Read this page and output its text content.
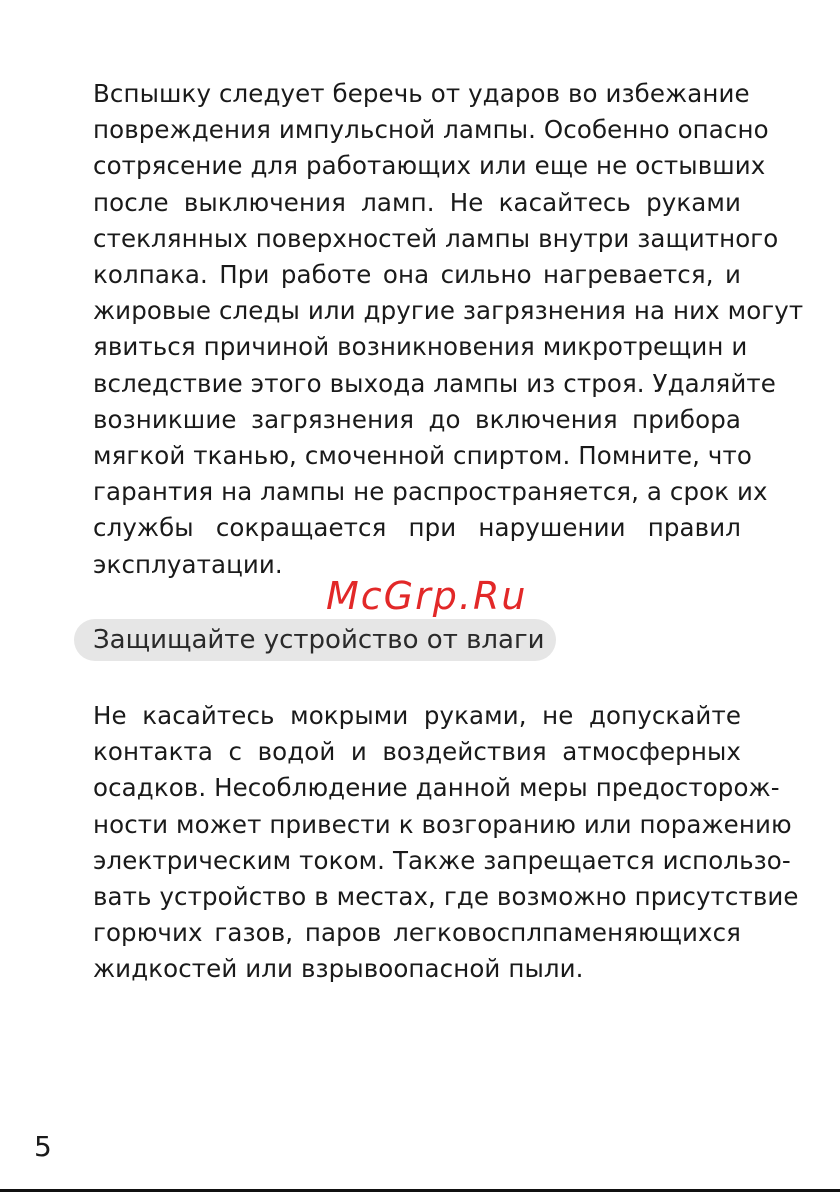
Вспышку следует беречь от ударов во избежание
повреждения импульсной лампы. Особенно опасно
сотрясение для работающих или еще не остывших
после выключения ламп. Не касайтесь руками
стеклянных поверхностей лампы внутри защитного
колпака. При работе она сильно нагревается, и
жировые следы или другие загрязнения на них могут
явиться причиной возникновения микротрещин и
вследствие этого выхода лампы из строя. Удаляйте
возникшие загрязнения до включения прибора
мягкой тканью, смоченной спиртом. Помните, что
гарантия на лампы не распространяется, а срок их
службы сокращается при нарушении правил
эксплуатации.
McGrp.Ru
Защищайте устройство от влаги
Не касайтесь мокрыми руками, не допускайте
контакта с водой и воздействия атмосферных
осадков. Несоблюдение данной меры предосторож-
ности может привести к возгоранию или поражению
электрическим током. Также запрещается использо-
вать устройство в местах, где возможно присутствие
горючих газов, паров легковосплпаменяющихся
жидкостей или взрывоопасной пыли.
5
